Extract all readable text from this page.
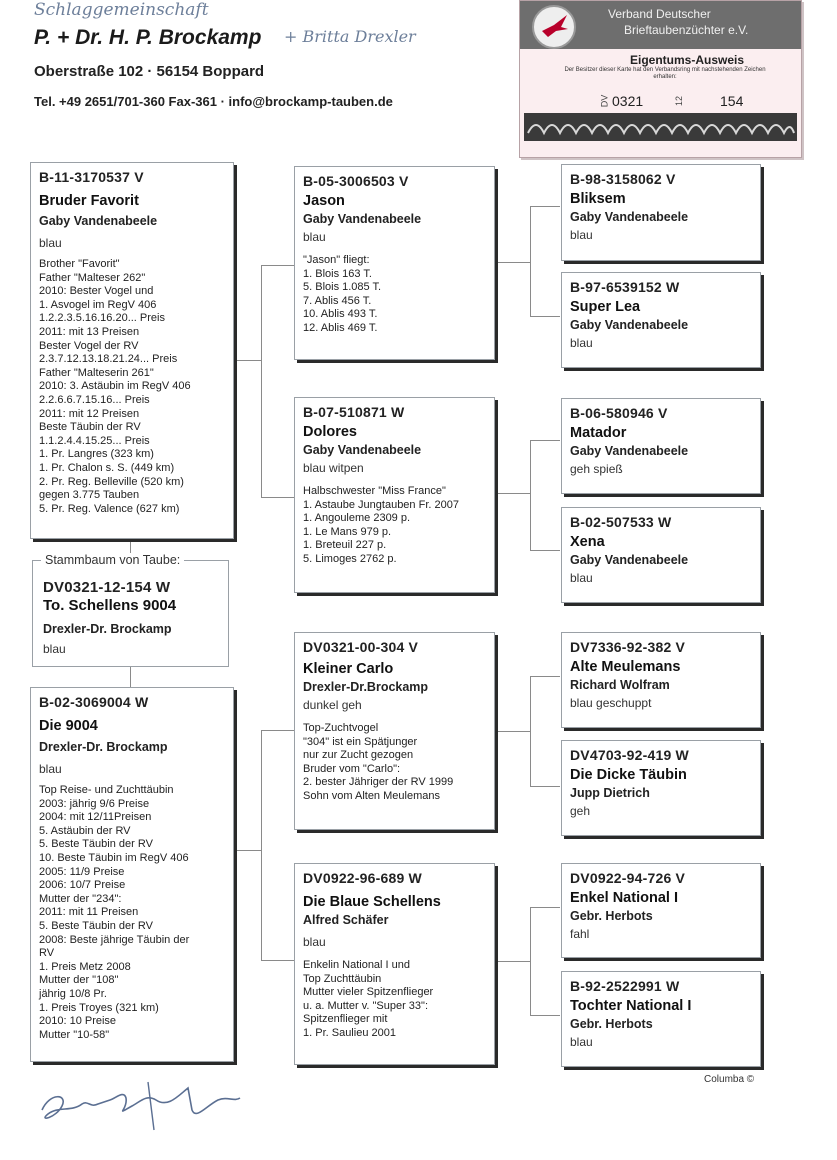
Schlaggemeinschaft
P. + Dr. H. P. Brockamp + Britta Drexler
Oberstraße 102 · 56154 Boppard
Tel. +49 2651/701-360 Fax-361 · info@brockamp-tauben.de
Verband Deutscher
Brieftaubenzüchter e.V.
Eigentums-Ausweis
Der Besitzer dieser Karte hat den Verbandsring mit nachstehenden Zeichen erhalten:
DV 0321	12	154
B-11-3170537 V
Bruder Favorit
Gaby Vandenabeele
blau
Brother "Favorit"
Father "Malteser 262"
2010: Bester Vogel und
1. Asvogel im RegV 406
1.2.2.3.5.16.16.20... Preis
2011: mit 13 Preisen
Bester Vogel der RV
2.3.7.12.13.18.21.24... Preis
Father "Malteserin 261"
2010: 3. Astäubin im RegV 406
2.2.6.6.7.15.16... Preis
2011: mit 12 Preisen
Beste Täubin der RV
1.1.2.4.4.15.25... Preis
1. Pr. Langres (323 km)
1. Pr. Chalon s. S. (449 km)
2. Pr. Reg. Belleville (520 km)
gegen 3.775 Tauben
5. Pr. Reg. Valence (627 km)
Stammbaum von Taube:
DV0321-12-154 W
To. Schellens 9004
Drexler-Dr. Brockamp
blau
B-02-3069004 W
Die 9004
Drexler-Dr. Brockamp
blau
Top Reise- und Zuchttäubin
2003: jährig 9/6 Preise
2004: mit 12/11Preisen
5. Astäubin der RV
5. Beste Täubin der RV
10. Beste Täubin im RegV 406
2005: 11/9 Preise
2006: 10/7 Preise
Mutter der "234":
2011: mit 11 Preisen
5. Beste Täubin der RV
2008: Beste jährige Täubin der
RV
1. Preis Metz 2008
Mutter der "108"
jährig 10/8 Pr.
1. Preis Troyes (321 km)
2010: 10 Preise
Mutter "10-58"
B-05-3006503 V
Jason
Gaby Vandenabeele
blau
"Jason" fliegt:
1. Blois 163 T.
5. Blois 1.085 T.
7. Ablis 456 T.
10. Ablis 493 T.
12. Ablis 469 T.
B-07-510871 W
Dolores
Gaby Vandenabeele
blau witpen
Halbschwester "Miss France"
1. Astaube Jungtauben Fr. 2007
1. Angouleme 2309 p.
1. Le Mans 979 p.
1. Breteuil 227 p.
5. Limoges 2762 p.
DV0321-00-304 V
Kleiner Carlo
Drexler-Dr.Brockamp
dunkel geh
Top-Zuchtvogel
"304" ist ein Spätjunger
nur zur Zucht gezogen
Bruder vom "Carlo":
2. bester Jähriger der RV 1999
Sohn vom Alten Meulemans
DV0922-96-689 W
Die Blaue Schellens
Alfred Schäfer
blau
Enkelin National I und
Top Zuchttäubin
Mutter vieler Spitzenflieger
u. a. Mutter v. "Super 33":
Spitzenflieger mit
1. Pr. Saulieu 2001
B-98-3158062 V
Bliksem
Gaby Vandenabeele
blau
B-97-6539152 W
Super Lea
Gaby Vandenabeele
blau
B-06-580946 V
Matador
Gaby Vandenabeele
geh spieß
B-02-507533 W
Xena
Gaby Vandenabeele
blau
DV7336-92-382 V
Alte Meulemans
Richard Wolfram
blau geschuppt
DV4703-92-419 W
Die Dicke Täubin
Jupp Dietrich
geh
DV0922-94-726 V
Enkel National I
Gebr. Herbots
fahl
B-92-2522991 W
Tochter National I
Gebr. Herbots
blau
Columba ©
